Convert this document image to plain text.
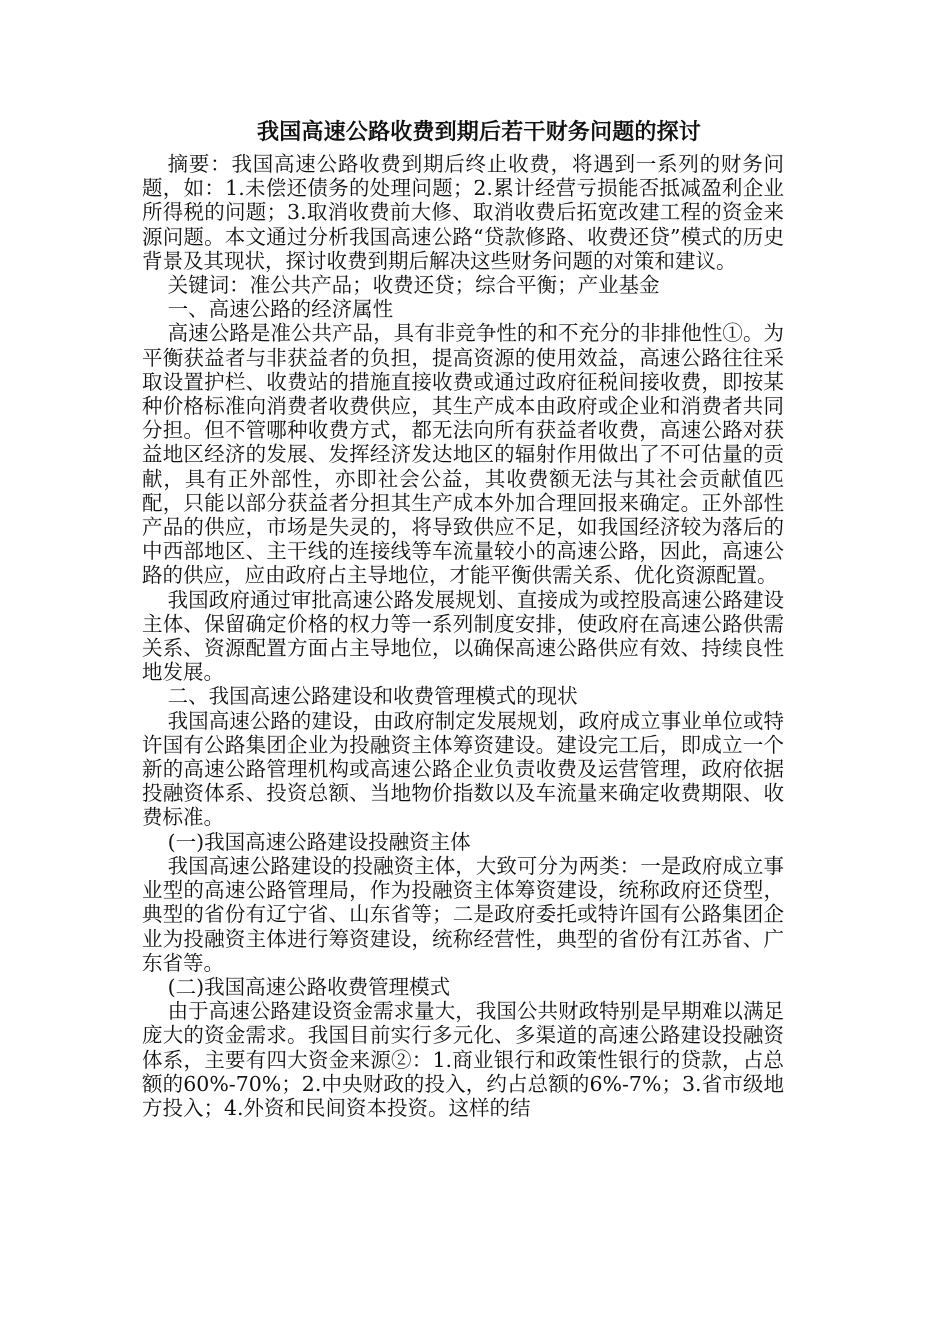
我国高速公路收费到期后若干财务问题的探讨

摘要：我国高速公路收费到期后终止收费，将遇到一系列的财务问题，如：1.未偿还债务的处理问题；2.累计经营亏损能否抵减盈利企业所得税的问题；3.取消收费前大修、取消收费后拓宽改建工程的资金来源问题。本文通过分析我国高速公路“贷款修路、收费还贷”模式的历史背景及其现状，探讨收费到期后解决这些财务问题的对策和建议。

关键词：准公共产品；收费还贷；综合平衡；产业基金

一、高速公路的经济属性

高速公路是准公共产品，具有非竞争性的和不充分的非排他性①。为平衡获益者与非获益者的负担，提高资源的使用效益，高速公路往往采取设置护栏、收费站的措施直接收费或通过政府征税间接收费，即按某种价格标准向消费者收费供应，其生产成本由政府或企业和消费者共同分担。但不管哪种收费方式，都无法向所有获益者收费，高速公路对获益地区经济的发展、发挥经济发达地区的辐射作用做出了不可估量的贡献，具有正外部性，亦即社会公益，其收费额无法与其社会贡献值匹配，只能以部分获益者分担其生产成本外加合理回报来确定。正外部性产品的供应，市场是失灵的，将导致供应不足，如我国经济较为落后的中西部地区、主干线的连接线等车流量较小的高速公路，因此，高速公路的供应，应由政府占主导地位，才能平衡供需关系、优化资源配置。

我国政府通过审批高速公路发展规划、直接成为或控股高速公路建设主体、保留确定价格的权力等一系列制度安排，使政府在高速公路供需关系、资源配置方面占主导地位，以确保高速公路供应有效、持续良性地发展。

二、我国高速公路建设和收费管理模式的现状

我国高速公路的建设，由政府制定发展规划，政府成立事业单位或特许国有公路集团企业为投融资主体筹资建设。建设完工后，即成立一个新的高速公路管理机构或高速公路企业负责收费及运营管理，政府依据投融资体系、投资总额、当地物价指数以及车流量来确定收费期限、收费标准。

(一)我国高速公路建设投融资主体

我国高速公路建设的投融资主体，大致可分为两类：一是政府成立事业型的高速公路管理局，作为投融资主体筹资建设，统称政府还贷型，典型的省份有辽宁省、山东省等；二是政府委托或特许国有公路集团企业为投融资主体进行筹资建设，统称经营性，典型的省份有江苏省、广东省等。

(二)我国高速公路收费管理模式

由于高速公路建设资金需求量大，我国公共财政特别是早期难以满足庞大的资金需求。我国目前实行多元化、多渠道的高速公路建设投融资体系，主要有四大资金来源②：1.商业银行和政策性银行的贷款，占总额的60%-70%；2.中央财政的投入，约占总额的6%-7%；3.省市级地方投入；4.外资和民间资本投资。这样的结
